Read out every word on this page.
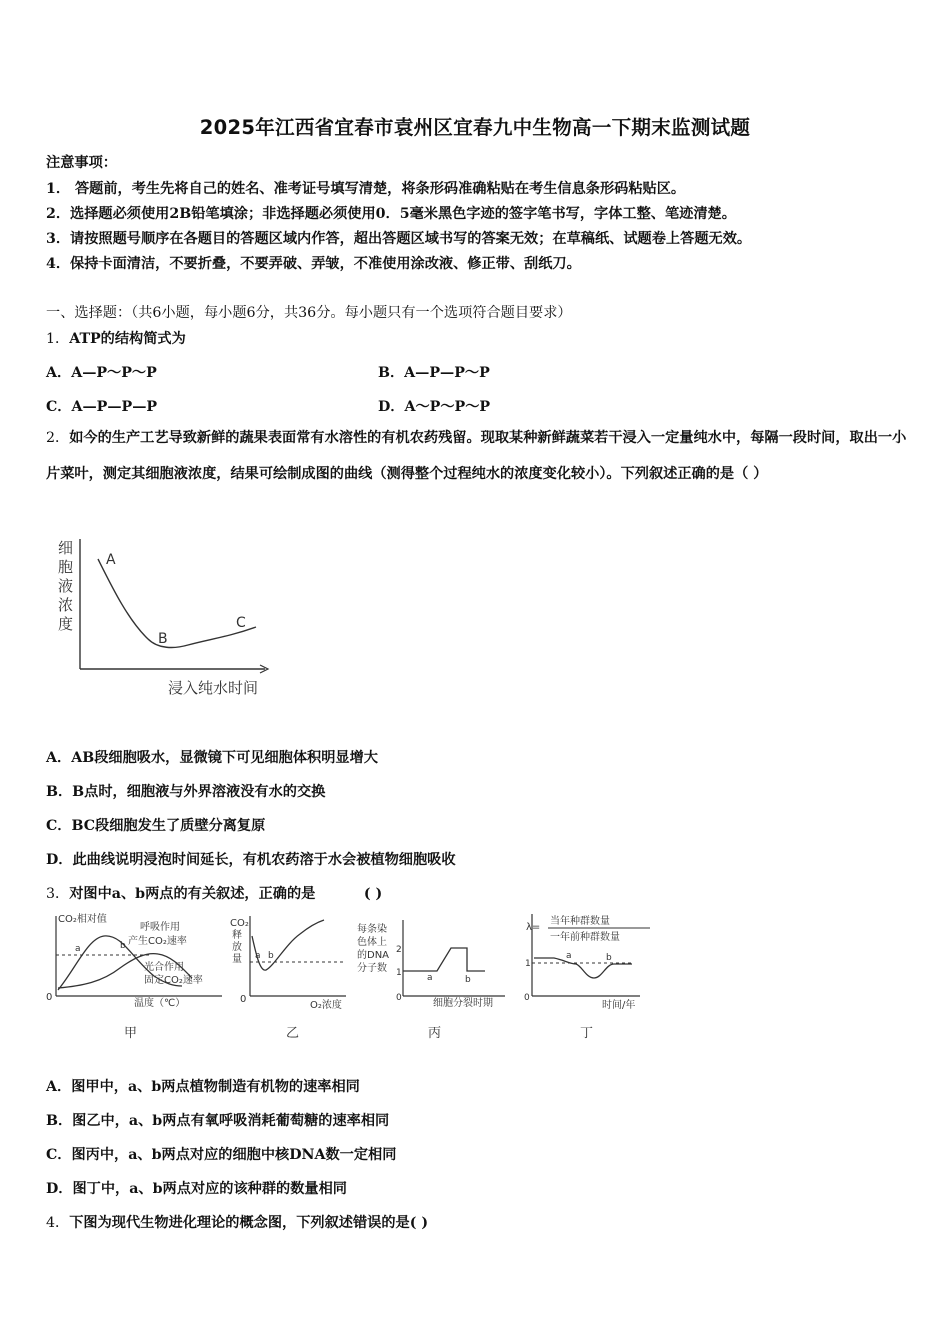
2025年江西省宜春市袁州区宜春九中生物高一下期末监测试题
注意事项：
1． 答题前，考生先将自己的姓名、准考证号填写清楚，将条形码准确粘贴在考生信息条形码粘贴区。
2．选择题必须使用2B铅笔填涂；非选择题必须使用0．5毫米黑色字迹的签字笔书写，字体工整、笔迹清楚。
3．请按照题号顺序在各题目的答题区域内作答，超出答题区域书写的答案无效；在草稿纸、试题卷上答题无效。
4．保持卡面清洁，不要折叠，不要弄破、弄皱，不准使用涂改液、修正带、刮纸刀。
一、选择题：（共6小题，每小题6分，共36分。每小题只有一个选项符合题目要求）
1．ATP的结构简式为
A．A—P～P～P	B．A—P—P～P
C．A—P—P—P	D．A～P～P～P
2．如今的生产工艺导致新鲜的蔬果表面常有水溶性的有机农药残留。现取某种新鲜蔬菜若干浸入一定量纯水中，每隔一段时间，取出一小片菜叶，测定其细胞液浓度，结果可绘制成图的曲线（测得整个过程纯水的浓度变化较小）。下列叙述正确的是（ ）
细
胞
液
浓
度
A
B
C
浸入纯水时间
A．AB段细胞吸水，显微镜下可见细胞体积明显增大
B．B点时，细胞液与外界溶液没有水的交换
C．BC段细胞发生了质壁分离复原
D．此曲线说明浸泡时间延长，有机农药溶于水会被植物细胞吸收
3．对图中a、b两点的有关叙述，正确的是	( )
CO₂相对值
a	b
呼吸作用
产生CO₂速率
光合作用
固定CO₂速率
0
温度（℃）
甲
CO₂
释
放
量 a b
0
O₂浓度
乙
每条染
色体上
的DNA
分子数
2
1
0
a	b
细胞分裂时期
丙
λ=
当年种群数量
一年前种群数量
1
0
a	b
时间/年
丁
A．图甲中，a、b两点植物制造有机物的速率相同
B．图乙中，a、b两点有氧呼吸消耗葡萄糖的速率相同
C．图丙中，a、b两点对应的细胞中核DNA数一定相同
D．图丁中，a、b两点对应的该种群的数量相同
4．下图为现代生物进化理论的概念图，下列叙述错误的是( )
